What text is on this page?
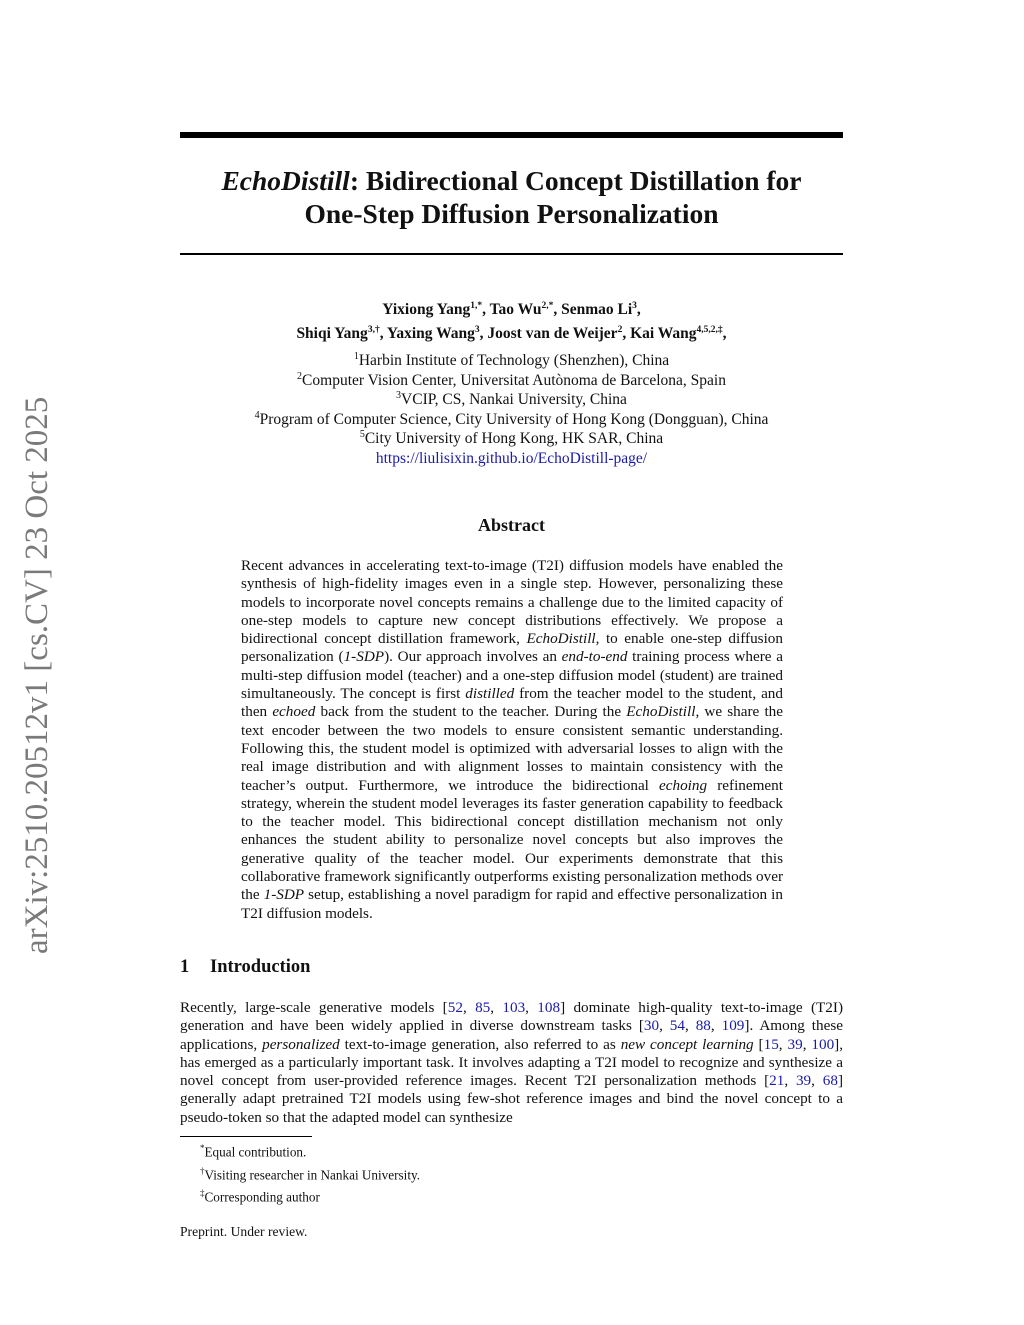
arXiv:2510.20512v1 [cs.CV] 23 Oct 2025
EchoDistill: Bidirectional Concept Distillation for
One-Step Diffusion Personalization
Yixiong Yang$^{1,*}$, Tao $Wu^{2,*}$, Senmao Li$^3$,
Shiqi Yang$^{3,\dagger}$, Yaxing Wang$^3$, Joost van de Weijer$^2$, Kai Wang$^{4,5,2,\ddagger}$,
$^1$Harbin Institute of Technology (Shenzhen), China
$^2$Computer Vision Center, Universitat Autònoma de Barcelona, Spain
$^3$VCIP, CS, Nankai University, China
$^4$Program of Computer Science, City University of Hong Kong (Dongguan), China
$^5$City University of Hong Kong, HK SAR, China
https://liulisixin.github.io/EchoDistill-page/
Abstract

Recent advances in accelerating text-to-image (T2I) diffusion models have enabled the synthesis of high-fidelity images even in a single step. However, personalizing these models to incorporate novel concepts remains a challenge due to the limited capacity of one-step models to capture new concept distributions effectively. We propose a bidirectional concept distillation framework, EchoDistill, to enable one-step diffusion personalization (1-SDP). Our approach involves an end-to-end training process where a multi-step diffusion model (teacher) and a one-step diffusion model (student) are trained simultaneously. The concept is first distilled from the teacher model to the student, and then echoed back from the student to the teacher. During the EchoDistill, we share the text encoder between the two models to ensure consistent semantic understanding. Following this, the student model is optimized with adversarial losses to align with the real image distribution and with alignment losses to maintain consistency with the teacher’s output. Furthermore, we introduce the bidirectional echoing refinement strategy, wherein the student model leverages its faster generation capability to feedback to the teacher model. This bidirectional concept distillation mechanism not only enhances the student ability to personalize novel concepts but also improves the generative quality of the teacher model. Our experiments demonstrate that this collaborative framework significantly outperforms existing personalization methods over the 1-SDP setup, establishing a novel paradigm for rapid and effective personalization in T2I diffusion models.

1 Introduction

Recently, large-scale generative models [52, 85, 103, 108] dominate high-quality text-to-image (T2I) generation and have been widely applied in diverse downstream tasks [30, 54, 88, 109]. Among these applications, personalized text-to-image generation, also referred to as new concept learning [15, 39, 100], has emerged as a particularly important task. It involves adapting a T2I model to recognize and synthesize a novel concept from user-provided reference images. Recent T2I personalization methods [21, 39, 68] generally adapt pretrained T2I models using few-shot reference images and bind the novel concept to a pseudo-token so that the adapted model can synthesize

*Equal contribution.
†Visiting researcher in Nankai University.
‡Corresponding author
Preprint. Under review.
